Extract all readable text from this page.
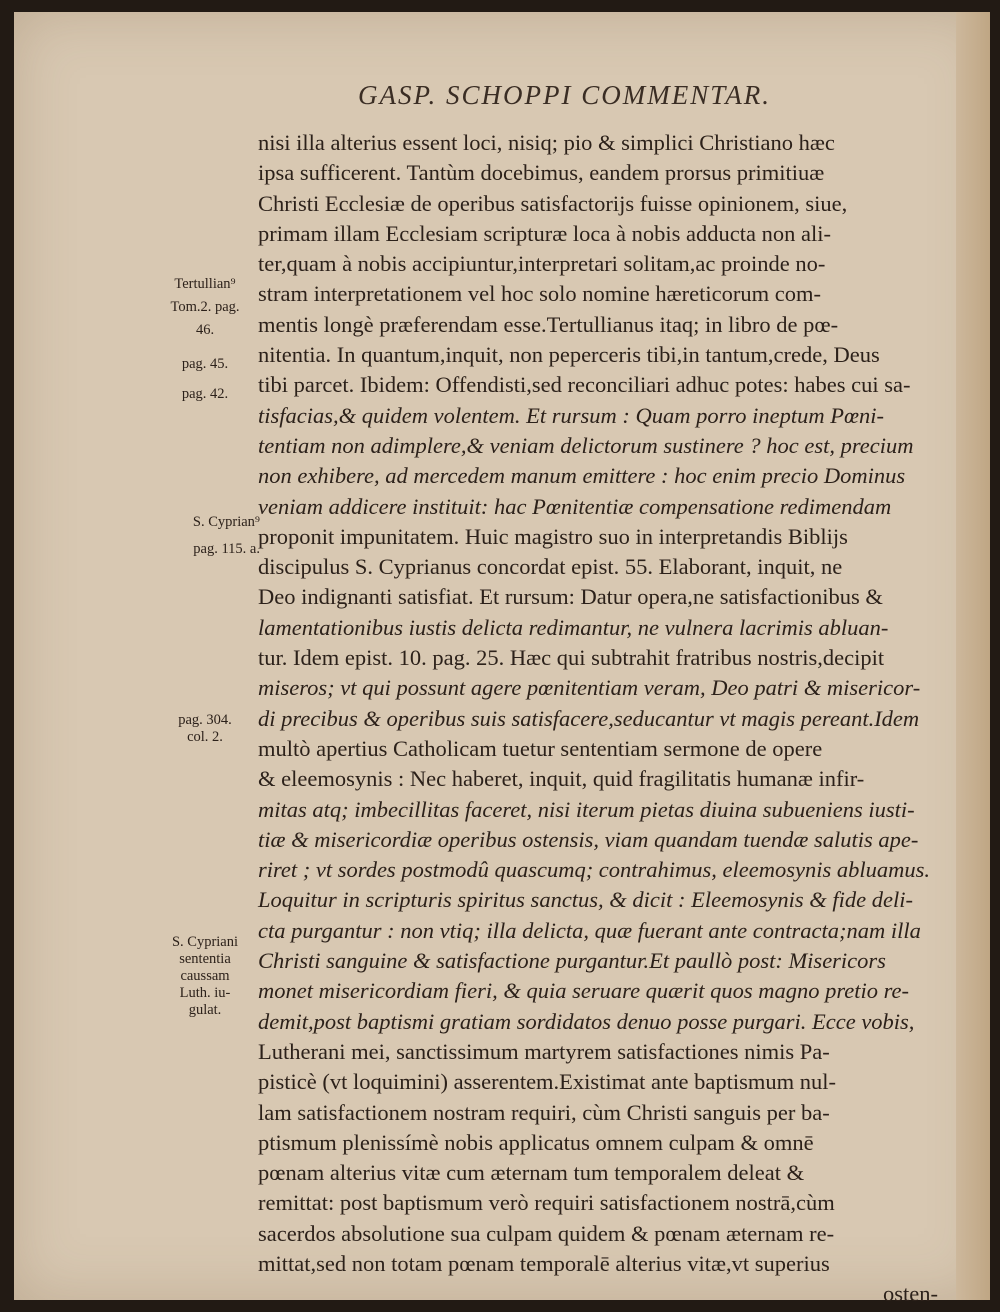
GASP. SCHOPPI COMMENTAR.
nisi illa alterius essent loci, nisiq; pio & simplici Christiano hæc
ipsa sufficerent. Tantùm docebimus, eandem prorsus primitiuæ
Christi Ecclesiæ de operibus satisfactorijs fuisse opinionem, siue,
primam illam Ecclesiam scripturæ loca à nobis adducta non ali-
ter,quam à nobis accipiuntur,interpretari solitam,ac proinde no-
stram interpretationem vel hoc solo nomine hæreticorum com-
mentis longè præferendam esse.Tertullianus itaq; in libro de pœ-
nitentia. In quantum,inquit, non peperceris tibi,in tantum,crede, Deus
tibi parcet. Ibidem: Offendisti,sed reconciliari adhuc potes: habes cui sa-
tisfacias,& quidem volentem. Et rursum : Quam porro ineptum Pœni-
tentiam non adimplere,& veniam delictorum sustinere ? hoc est, precium
non exhibere, ad mercedem manum emittere : hoc enim precio Dominus
veniam addicere instituit: hac Pœnitentiæ compensatione redimendam
proponit impunitatem. Huic magistro suo in interpretandis Biblijs
discipulus S. Cyprianus concordat epist. 55. Elaborant, inquit, ne
Deo indignanti satisfiat. Et rursum: Datur opera,ne satisfactionibus &
lamentationibus iustis delicta redimantur, ne vulnera lacrimis abluan-
tur. Idem epist. 10. pag. 25. Hæc qui subtrahit fratribus nostris,decipit
miseros; vt qui possunt agere pœnitentiam veram, Deo patri & misericor-
di precibus & operibus suis satisfacere,seducantur vt magis pereant.Idem
multò apertius Catholicam tuetur sententiam sermone de opere
& eleemosynis : Nec haberet, inquit, quid fragilitatis humanæ infir-
mitas atq; imbecillitas faceret, nisi iterum pietas diuina subueniens iusti-
tiæ & misericordiæ operibus ostensis, viam quandam tuendæ salutis ape-
riret ; vt sordes postmodû quascumq; contrahimus, eleemosynis abluamus.
Loquitur in scripturis spiritus sanctus, & dicit : Eleemosynis & fide deli-
cta purgantur : non vtiq; illa delicta, quæ fuerant ante contracta;nam illa
Christi sanguine & satisfactione purgantur.Et paullò post: Misericors
monet misericordiam fieri, & quia seruare quærit quos magno pretio re-
demit,post baptismi gratiam sordidatos denuo posse purgari. Ecce vobis,
Lutherani mei, sanctissimum martyrem satisfactiones nimis Pa-
pisticè (vt loquimini) asserentem.Existimat ante baptismum nul-
lam satisfactionem nostram requiri, cùm Christi sanguis per ba-
ptismum plenissímè nobis applicatus omnem culpam & omnē
pœnam alterius vitæ cum æternam tum temporalem deleat &
remittat: post baptismum verò requiri satisfactionem nostrā,cùm
sacerdos absolutione sua culpam quidem & pœnam æternam re-
mittat,sed non totam pœnam temporalē alterius vitæ,vt superius
osten-
Tertullian⁹
Tom.2. pag.
46.
pag. 45.
pag. 42.
S. Cyprian⁹
pag. 115. a.
pag. 304.
col. 2.
S. Cypriani
sententia
caussam
Luth. iu-
gulat.
